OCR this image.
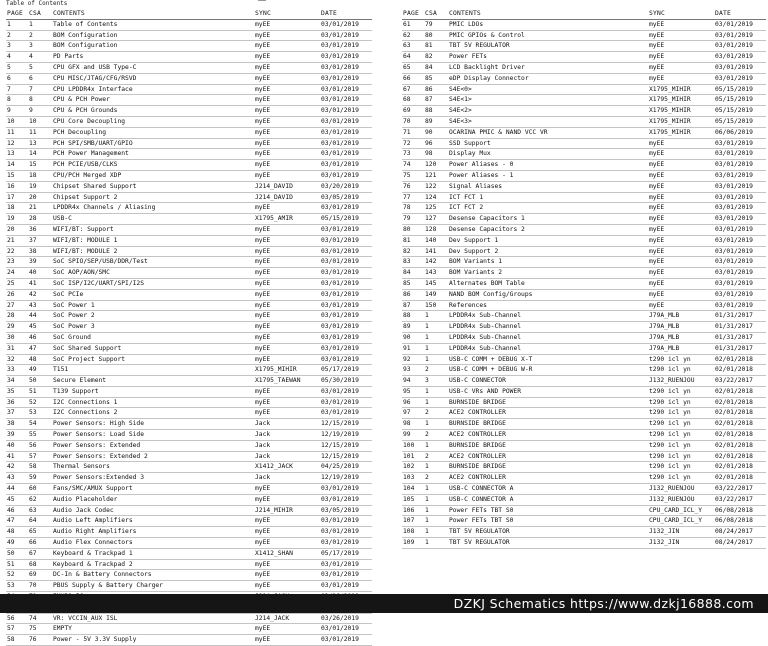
Table of Contents
PAGE	CSA	CONTENTS	SYNC	DATE
1	1	Table of Contents	myEE	03/01/2019
2	2	BOM Configuration	myEE	03/01/2019
3	3	BOM Configuration	myEE	03/01/2019
4	4	PD Parts	myEE	03/01/2019
5	5	CPU GFX and USB Type-C	myEE	03/01/2019
6	6	CPU MISC/JTAG/CFG/RSVD	myEE	03/01/2019
7	7	CPU LPDDR4x Interface	myEE	03/01/2019
8	8	CPU & PCH Power	myEE	03/01/2019
9	9	CPU & PCH Grounds	myEE	03/01/2019
10	10	CPU Core Decoupling	myEE	03/01/2019
11	11	PCH Decoupling	myEE	03/01/2019
12	13	PCH SPI/SMB/UART/GPIO	myEE	03/01/2019
13	14	PCH Power Management	myEE	03/01/2019
14	15	PCH PCIE/USB/CLKS	myEE	03/01/2019
15	18	CPU/PCH Merged XDP	myEE	03/01/2019
16	19	Chipset Shared Support	J214_DAVID	03/20/2019
17	20	Chipset Support 2	J214_DAVID	03/05/2019
18	21	LPDDR4x Channels / Aliasing	myEE	03/01/2019
19	28	USB-C	X1795_AMIR	05/15/2019
20	36	WIFI/BT: Support	myEE	03/01/2019
21	37	WIFI/BT: MODULE 1	myEE	03/01/2019
22	38	WIFI/BT: MODULE 2	myEE	03/01/2019
23	39	SoC SPIO/SEP/USB/DDR/Test	myEE	03/01/2019
24	40	SoC AOP/AON/SMC	myEE	03/01/2019
25	41	SoC ISP/I2C/UART/SPI/I2S	myEE	03/01/2019
26	42	SoC PCIe	myEE	03/01/2019
27	43	SoC Power 1	myEE	03/01/2019
28	44	SoC Power 2	myEE	03/01/2019
29	45	SoC Power 3	myEE	03/01/2019
30	46	SoC Ground	myEE	03/01/2019
31	47	SoC Shared Support	myEE	03/01/2019
32	48	SoC Project Support	myEE	03/01/2019
33	49	T151	X1795_MIHIR	05/17/2019
34	50	Secure Element	X1795_TAEWAN	05/30/2019
35	51	T139 Support	myEE	03/01/2019
36	52	I2C Connections 1	myEE	03/01/2019
37	53	I2C Connections 2	myEE	03/01/2019
38	54	Power Sensors: High Side	Jack	12/15/2019
39	55	Power Sensors: Load Side	Jack	12/19/2019
40	56	Power Sensors: Extended	Jack	12/15/2019
41	57	Power Sensors: Extended 2	Jack	12/15/2019
42	58	Thermal Sensors	X1412_JACK	04/25/2019
43	59	Power Sensors:Extended 3	Jack	12/19/2019
44	60	Fans/SMC/AMUX Support	myEE	03/01/2019
45	62	Audio Placeholder	myEE	03/01/2019
46	63	Audio Jack Codec	J214_MIHIR	03/05/2019
47	64	Audio Left Amplifiers	myEE	03/01/2019
48	65	Audio Right Amplifiers	myEE	03/01/2019
49	66	Audio Flex Connectors	myEE	03/01/2019
50	67	Keyboard & Trackpad 1	X1412_SHAN	05/17/2019
51	68	Keyboard & Trackpad 2	myEE	03/01/2019
52	69	DC-In & Battery Connectors	myEE	03/01/2019
53	70	PBUS Supply & Battery Charger	myEE	03/01/2019

56	74	VR: VCCIN_AUX ISL	J214_JACK	03/26/2019
57	75	EMPTY	myEE	03/01/2019
58	76	Power - 5V 3.3V Supply	myEE	03/01/2019
PAGE	CSA	CONTENTS	SYNC	DATE
61	79	PMIC LDOs	myEE	03/01/2019
62	80	PMIC GPIOs & Control	myEE	03/01/2019
63	81	TBT 5V REGULATOR	myEE	03/01/2019
64	82	Power FETs	myEE	03/01/2019
65	84	LCD Backlight Driver	myEE	03/01/2019
66	85	eDP Display Connector	myEE	03/01/2019
67	86	S4E<0>	X1795_MIHIR	05/15/2019
68	87	S4E<1>	X1795_MIHIR	05/15/2019
69	88	S4E<2>	X1795_MIHIR	05/15/2019
70	89	S4E<3>	X1795_MIHIR	05/15/2019
71	90	OCARINA PMIC & NAND VCC VR	X1795_MIHIR	06/06/2019
72	96	SSD Support	myEE	03/01/2019
73	98	Display Mux	myEE	03/01/2019
74	120	Power Aliases - 0	myEE	03/01/2019
75	121	Power Aliases - 1	myEE	03/01/2019
76	122	Signal Aliases	myEE	03/01/2019
77	124	ICT FCT 1	myEE	03/01/2019
78	125	ICT FCT 2	myEE	03/01/2019
79	127	Desense Capacitors 1	myEE	03/01/2019
80	128	Desense Capacitors 2	myEE	03/01/2019
81	140	Dev Support 1	myEE	03/01/2019
82	141	Dev Support 2	myEE	03/01/2019
83	142	BOM Variants 1	myEE	03/01/2019
84	143	BOM Variants 2	myEE	03/01/2019
85	145	Alternates BOM Table	myEE	03/01/2019
86	149	NAND BOM Config/Groups	myEE	03/01/2019
87	150	References	myEE	03/01/2019
88	1	LPDDR4x Sub-Channel	J79A_MLB	01/31/2017
89	1	LPDDR4x Sub-Channel	J79A_MLB	01/31/2017
90	1	LPDDR4x Sub-Channel	J79A_MLB	01/31/2017
91	1	LPDDR4x Sub-Channel	J79A_MLB	01/31/2017
92	1	USB-C COMM + DEBUG X-T	t290 icl yn	02/01/2018
93	2	USB-C COMM + DEBUG W-R	t290 icl yn	02/01/2018
94	3	USB-C CONNECTOR	J132_RUENJOU	03/22/2017
95	1	USB-C VRs AND POWER	t290 icl yn	02/01/2018
96	1	BURNSIDE BRIDGE	t290 icl yn	02/01/2018
97	2	ACE2 CONTROLLER	t290 icl yn	02/01/2018
98	1	BURNSIDE BRIDGE	t290 icl yn	02/01/2018
99	2	ACE2 CONTROLLER	t290 icl yn	02/01/2018
100	1	BURNSIDE BRIDGE	t290 icl yn	02/01/2018
101	2	ACE2 CONTROLLER	t290 icl yn	02/01/2018
102	1	BURNSIDE BRIDGE	t290 icl yn	02/01/2018
103	2	ACE2 CONTROLLER	t290 icl yn	02/01/2018
104	1	USB-C CONNECTOR A	J132_RUENJOU	03/22/2017
105	1	USB-C CONNECTOR A	J132_RUENJOU	03/22/2017
106	1	Power FETs TBT S0	CPU_CARD_ICL_Y	06/08/2018
107	1	Power FETs TBT S0	CPU_CARD_ICL_Y	06/08/2018
108	1	TBT 5V REGULATOR	J132_JIN	08/24/2017
109	1	TBT 5V REGULATOR	J132_JIN	08/24/2017
DZKJ Schematics https://www.dzkj16888.com
